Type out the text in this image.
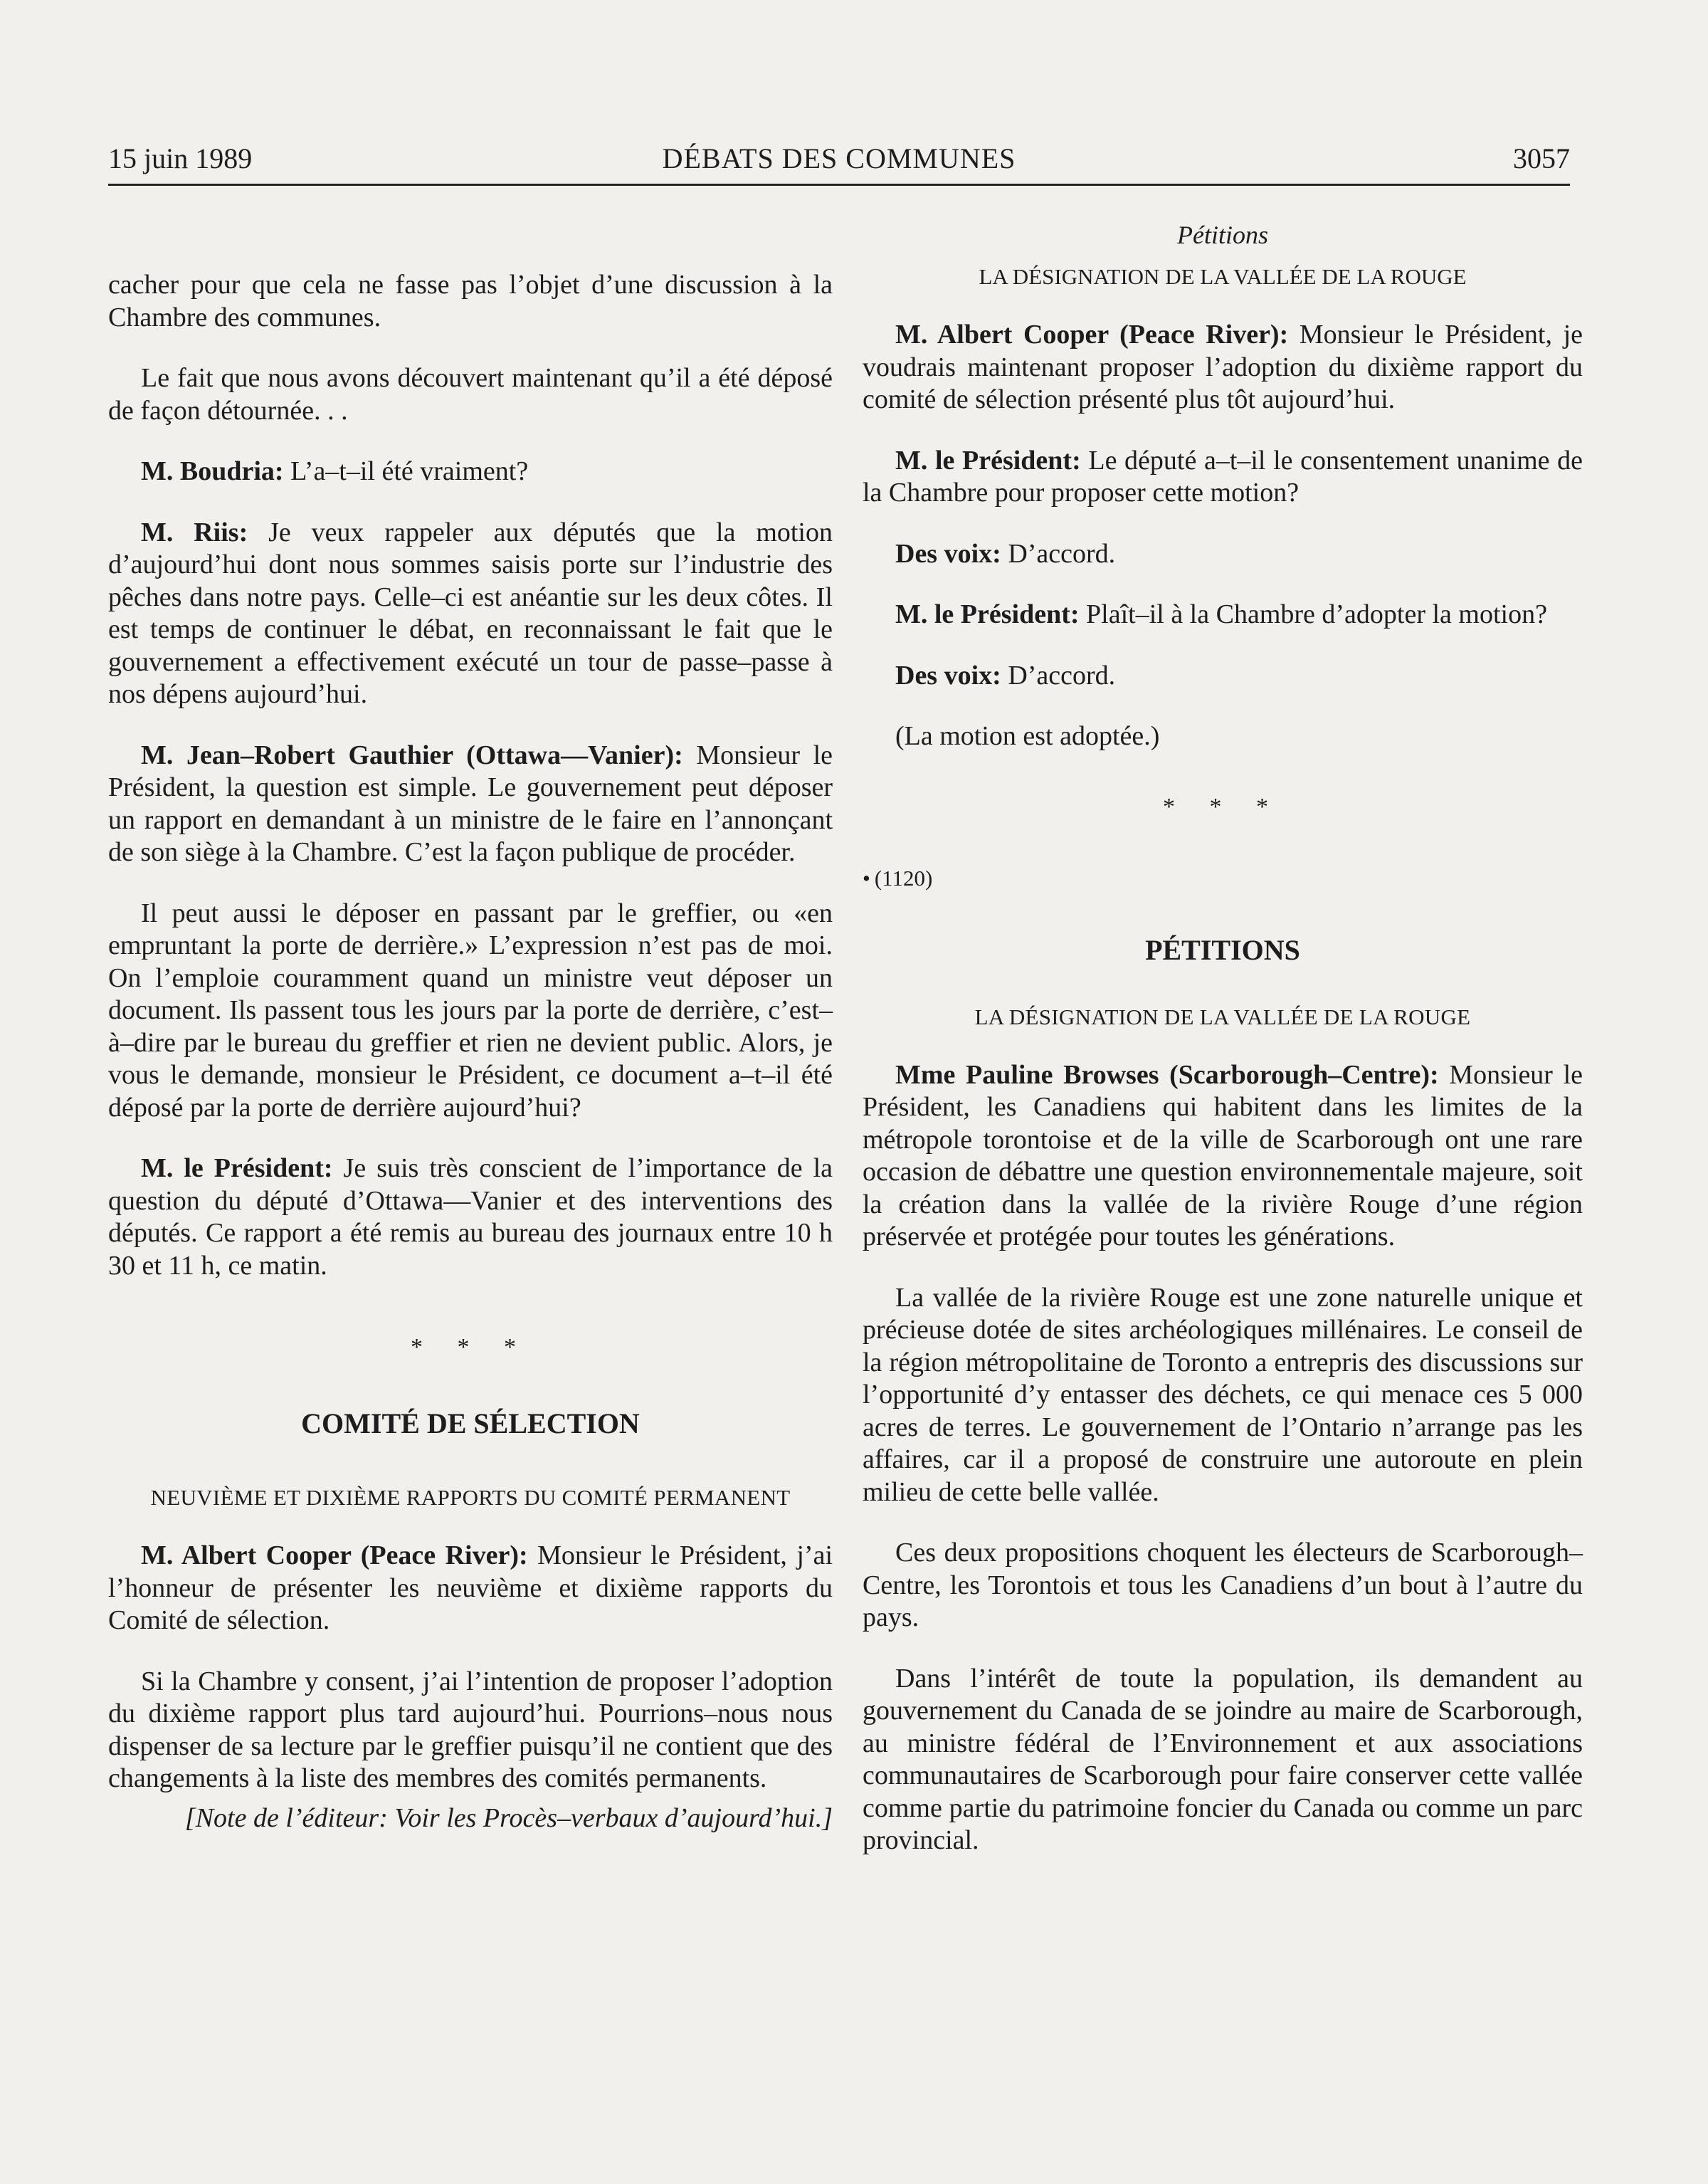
15 juin 1989	DÉBATS DES COMMUNES	3057

cacher pour que cela ne fasse pas l’objet d’une discussion à la Chambre des communes.

Le fait que nous avons découvert maintenant qu’il a été déposé de façon détournée. . .

M. Boudria: L’a–t–il été vraiment?

M. Riis: Je veux rappeler aux députés que la motion d’aujourd’hui dont nous sommes saisis porte sur l’industrie des pêches dans notre pays. Celle–ci est anéantie sur les deux côtes. Il est temps de continuer le débat, en reconnaissant le fait que le gouvernement a effectivement exécuté un tour de passe–passe à nos dépens aujourd’hui.

M. Jean–Robert Gauthier (Ottawa—Vanier): Monsieur le Président, la question est simple. Le gouvernement peut déposer un rapport en demandant à un ministre de le faire en l’annonçant de son siège à la Chambre. C’est la façon publique de procéder.

Il peut aussi le déposer en passant par le greffier, ou «en empruntant la porte de derrière.» L’expression n’est pas de moi. On l’emploie couramment quand un ministre veut déposer un document. Ils passent tous les jours par la porte de derrière, c’est–à–dire par le bureau du greffier et rien ne devient public. Alors, je vous le demande, monsieur le Président, ce document a–t–il été déposé par la porte de derrière aujourd’hui?

M. le Président: Je suis très conscient de l’importance de la question du député d’Ottawa—Vanier et des interventions des députés. Ce rapport a été remis au bureau des journaux entre 10 h 30 et 11 h, ce matin.

* * *
COMITÉ DE SÉLECTION
NEUVIÈME ET DIXIÈME RAPPORTS DU COMITÉ PERMANENT

M. Albert Cooper (Peace River): Monsieur le Président, j’ai l’honneur de présenter les neuvième et dixième rapports du Comité de sélection.

Si la Chambre y consent, j’ai l’intention de proposer l’adoption du dixième rapport plus tard aujourd’hui. Pourrions–nous nous dispenser de sa lecture par le greffier puisqu’il ne contient que des changements à la liste des membres des comités permanents.

[Note de l’éditeur: Voir les Procès–verbaux d’aujourd’hui.]

Pétitions
LA DÉSIGNATION DE LA VALLÉE DE LA ROUGE

M. Albert Cooper (Peace River): Monsieur le Président, je voudrais maintenant proposer l’adoption du dixième rapport du comité de sélection présenté plus tôt aujourd’hui.

M. le Président: Le député a–t–il le consentement unanime de la Chambre pour proposer cette motion?

Des voix: D’accord.

M. le Président: Plaît–il à la Chambre d’adopter la motion?

Des voix: D’accord.

(La motion est adoptée.)

* * *
• (1120)
PÉTITIONS
LA DÉSIGNATION DE LA VALLÉE DE LA ROUGE

Mme Pauline Browses (Scarborough–Centre): Monsieur le Président, les Canadiens qui habitent dans les limites de la métropole torontoise et de la ville de Scarborough ont une rare occasion de débattre une question environnementale majeure, soit la création dans la vallée de la rivière Rouge d’une région préservée et protégée pour toutes les générations.

La vallée de la rivière Rouge est une zone naturelle unique et précieuse dotée de sites archéologiques millénaires. Le conseil de la région métropolitaine de Toronto a entrepris des discussions sur l’opportunité d’y entasser des déchets, ce qui menace ces 5 000 acres de terres. Le gouvernement de l’Ontario n’arrange pas les affaires, car il a proposé de construire une autoroute en plein milieu de cette belle vallée.

Ces deux propositions choquent les électeurs de Scarborough–Centre, les Torontois et tous les Canadiens d’un bout à l’autre du pays.

Dans l’intérêt de toute la population, ils demandent au gouvernement du Canada de se joindre au maire de Scarborough, au ministre fédéral de l’Environnement et aux associations communautaires de Scarborough pour faire conserver cette vallée comme partie du patrimoine foncier du Canada ou comme un parc provincial.
